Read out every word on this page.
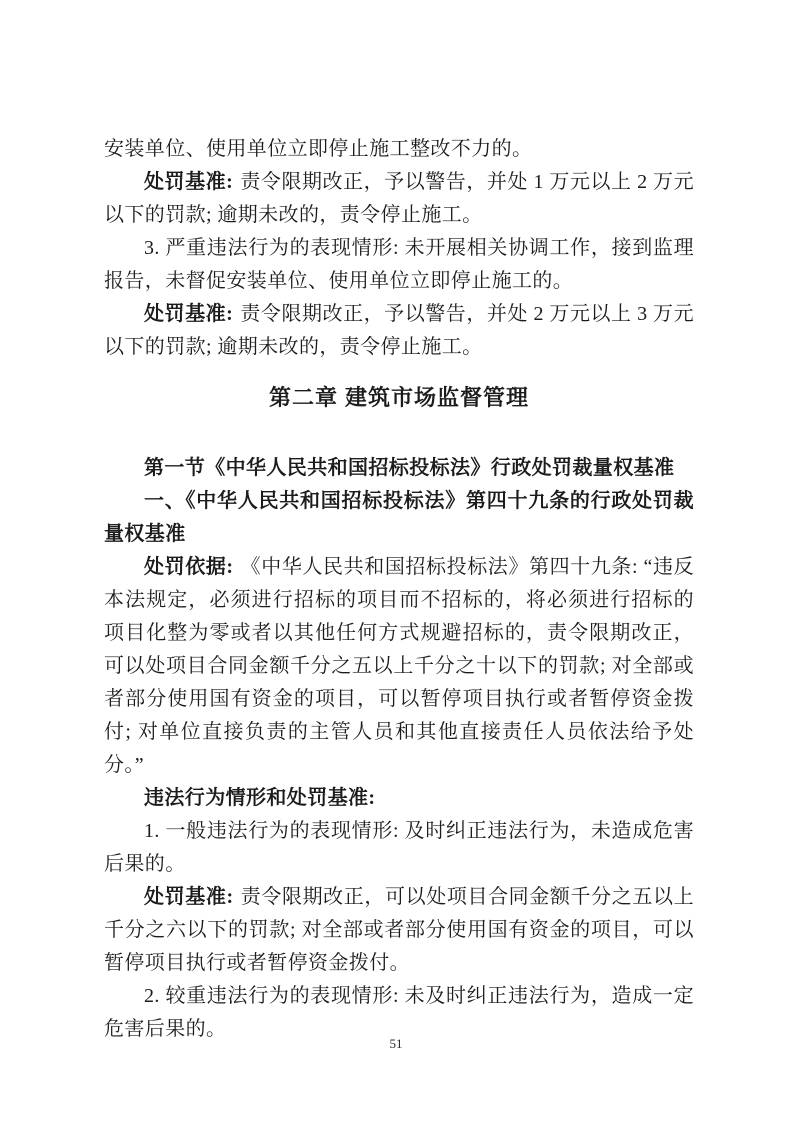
安装单位、使用单位立即停止施工整改不力的。

处罚基准: 责令限期改正，予以警告，并处 1 万元以上 2 万元以下的罚款; 逾期未改的，责令停止施工。

3. 严重违法行为的表现情形: 未开展相关协调工作，接到监理报告，未督促安装单位、使用单位立即停止施工的。

处罚基准: 责令限期改正，予以警告，并处 2 万元以上 3 万元以下的罚款; 逾期未改的，责令停止施工。

第二章 建筑市场监督管理

第一节《中华人民共和国招标投标法》行政处罚裁量权基准

一、《中华人民共和国招标投标法》第四十九条的行政处罚裁量权基准

处罚依据: 《中华人民共和国招标投标法》第四十九条: “违反本法规定，必须进行招标的项目而不招标的，将必须进行招标的项目化整为零或者以其他任何方式规避招标的，责令限期改正，可以处项目合同金额千分之五以上千分之十以下的罚款; 对全部或者部分使用国有资金的项目，可以暂停项目执行或者暂停资金拨付; 对单位直接负责的主管人员和其他直接责任人员依法给予处分。”

违法行为情形和处罚基准:

1. 一般违法行为的表现情形: 及时纠正违法行为，未造成危害后果的。

处罚基准: 责令限期改正，可以处项目合同金额千分之五以上千分之六以下的罚款; 对全部或者部分使用国有资金的项目，可以暂停项目执行或者暂停资金拨付。

2. 较重违法行为的表现情形: 未及时纠正违法行为，造成一定危害后果的。

51
